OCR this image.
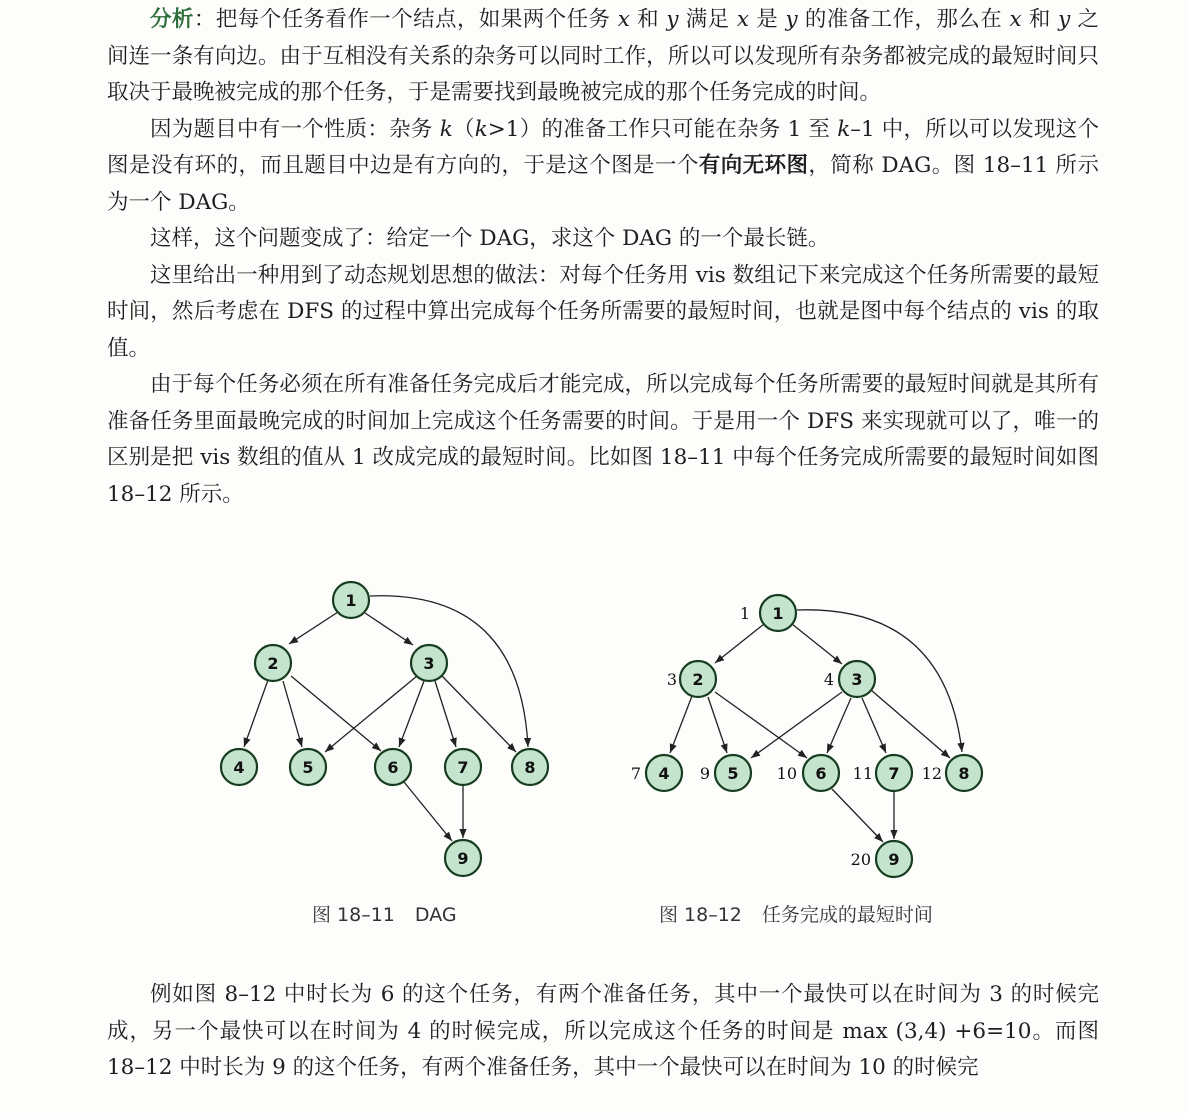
分析：把每个任务看作一个结点，如果两个任务 x 和 y 满足 x 是 y 的准备工作，那么在 x 和 y 之间连一条有向边。由于互相没有关系的杂务可以同时工作，所以可以发现所有杂务都被完成的最短时间只取决于最晚被完成的那个任务，于是需要找到最晚被完成的那个任务完成的时间。

因为题目中有一个性质：杂务 k（k>1）的准备工作只可能在杂务 1 至 k–1 中，所以可以发现这个图是没有环的，而且题目中边是有方向的，于是这个图是一个有向无环图，简称 DAG。图 18–11 所示为一个 DAG。

这样，这个问题变成了：给定一个 DAG，求这个 DAG 的一个最长链。

这里给出一种用到了动态规划思想的做法：对每个任务用 vis 数组记下来完成这个任务所需要的最短时间，然后考虑在 DFS 的过程中算出完成每个任务所需要的最短时间，也就是图中每个结点的 vis 的取值。

由于每个任务必须在所有准备任务完成后才能完成，所以完成每个任务所需要的最短时间就是其所有准备任务里面最晚完成的时间加上完成这个任务需要的时间。于是用一个 DFS 来实现就可以了，唯一的区别是把 vis 数组的值从 1 改成完成的最短时间。比如图 18–11 中每个任务完成所需要的最短时间如图 18–12 所示。

1
2	3
4	5	6	7	8
9
1 1
3 2	4 3
7 4 9 5 10 6 11 7 12 8
20 9
图 18–11 DAG	图 18–12 任务完成的最短时间

例如图 8–12 中时长为 6 的这个任务，有两个准备任务，其中一个最快可以在时间为 3 的时候完成，另一个最快可以在时间为 4 的时候完成，所以完成这个任务的时间是 max (3,4) +6=10。而图 18–12 中时长为 9 的这个任务，有两个准备任务，其中一个最快可以在时间为 10 的时候完
